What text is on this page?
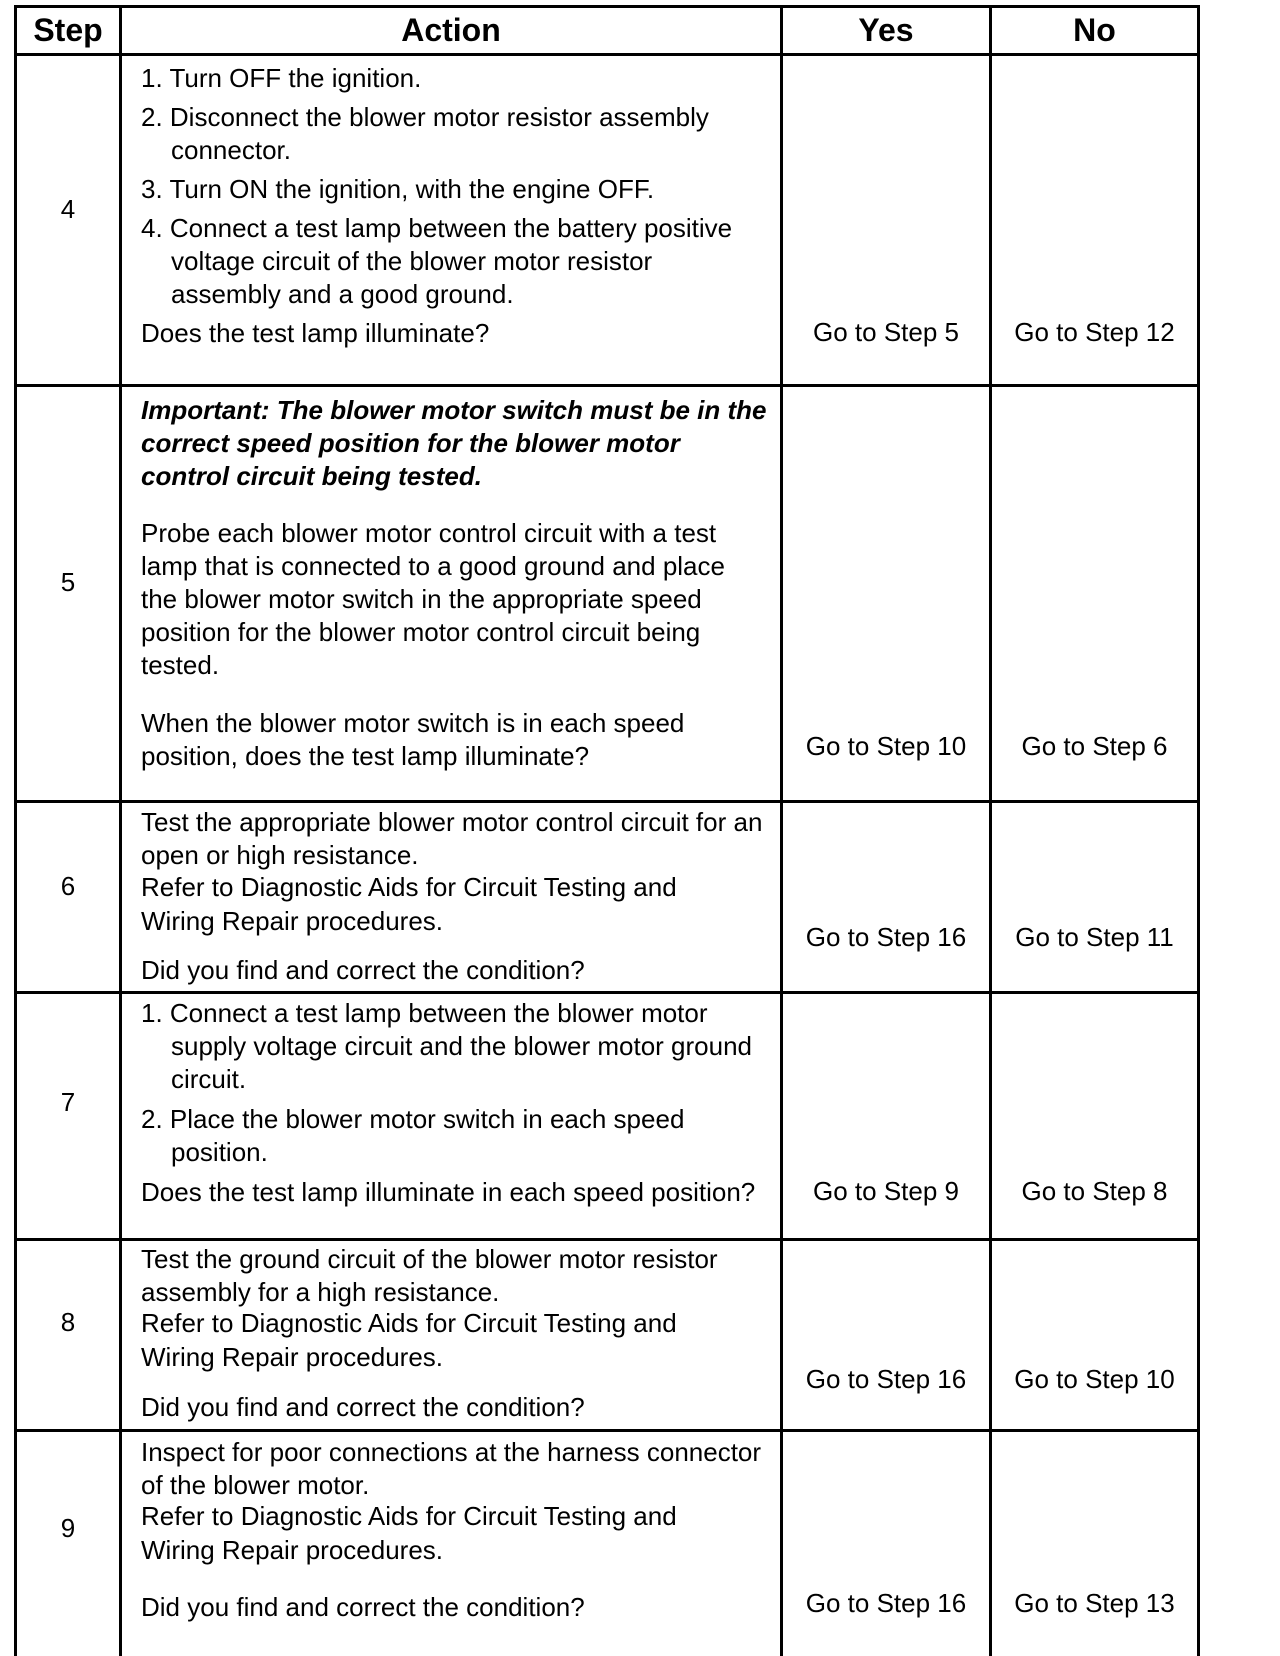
Step	Action	Yes	No
4
1. Turn OFF the ignition.
2. Disconnect the blower motor resistor assembly
connector.
3. Turn ON the ignition, with the engine OFF.
4. Connect a test lamp between the battery positive
voltage circuit of the blower motor resistor
assembly and a good ground.
Does the test lamp illuminate?	Go to Step 5	Go to Step 12
5
Important: The blower motor switch must be in the
correct speed position for the blower motor
control circuit being tested.
Probe each blower motor control circuit with a test
lamp that is connected to a good ground and place
the blower motor switch in the appropriate speed
position for the blower motor control circuit being
tested.
When the blower motor switch is in each speed
position, does the test lamp illuminate?	Go to Step 10	Go to Step 6
6
Test the appropriate blower motor control circuit for an
open or high resistance.
Refer to Diagnostic Aids for Circuit Testing and
Wiring Repair procedures.
Did you find and correct the condition?
Go to Step 16	Go to Step 11
7
1. Connect a test lamp between the blower motor
supply voltage circuit and the blower motor ground
circuit.
2. Place the blower motor switch in each speed
position.
Does the test lamp illuminate in each speed position?	Go to Step 9	Go to Step 8
8
Test the ground circuit of the blower motor resistor
assembly for a high resistance.
Refer to Diagnostic Aids for Circuit Testing and
Wiring Repair procedures.
Did you find and correct the condition?
Go to Step 16	Go to Step 10
9
Inspect for poor connections at the harness connector
of the blower motor.
Refer to Diagnostic Aids for Circuit Testing and
Wiring Repair procedures.
Did you find and correct the condition?	Go to Step 16	Go to Step 13
